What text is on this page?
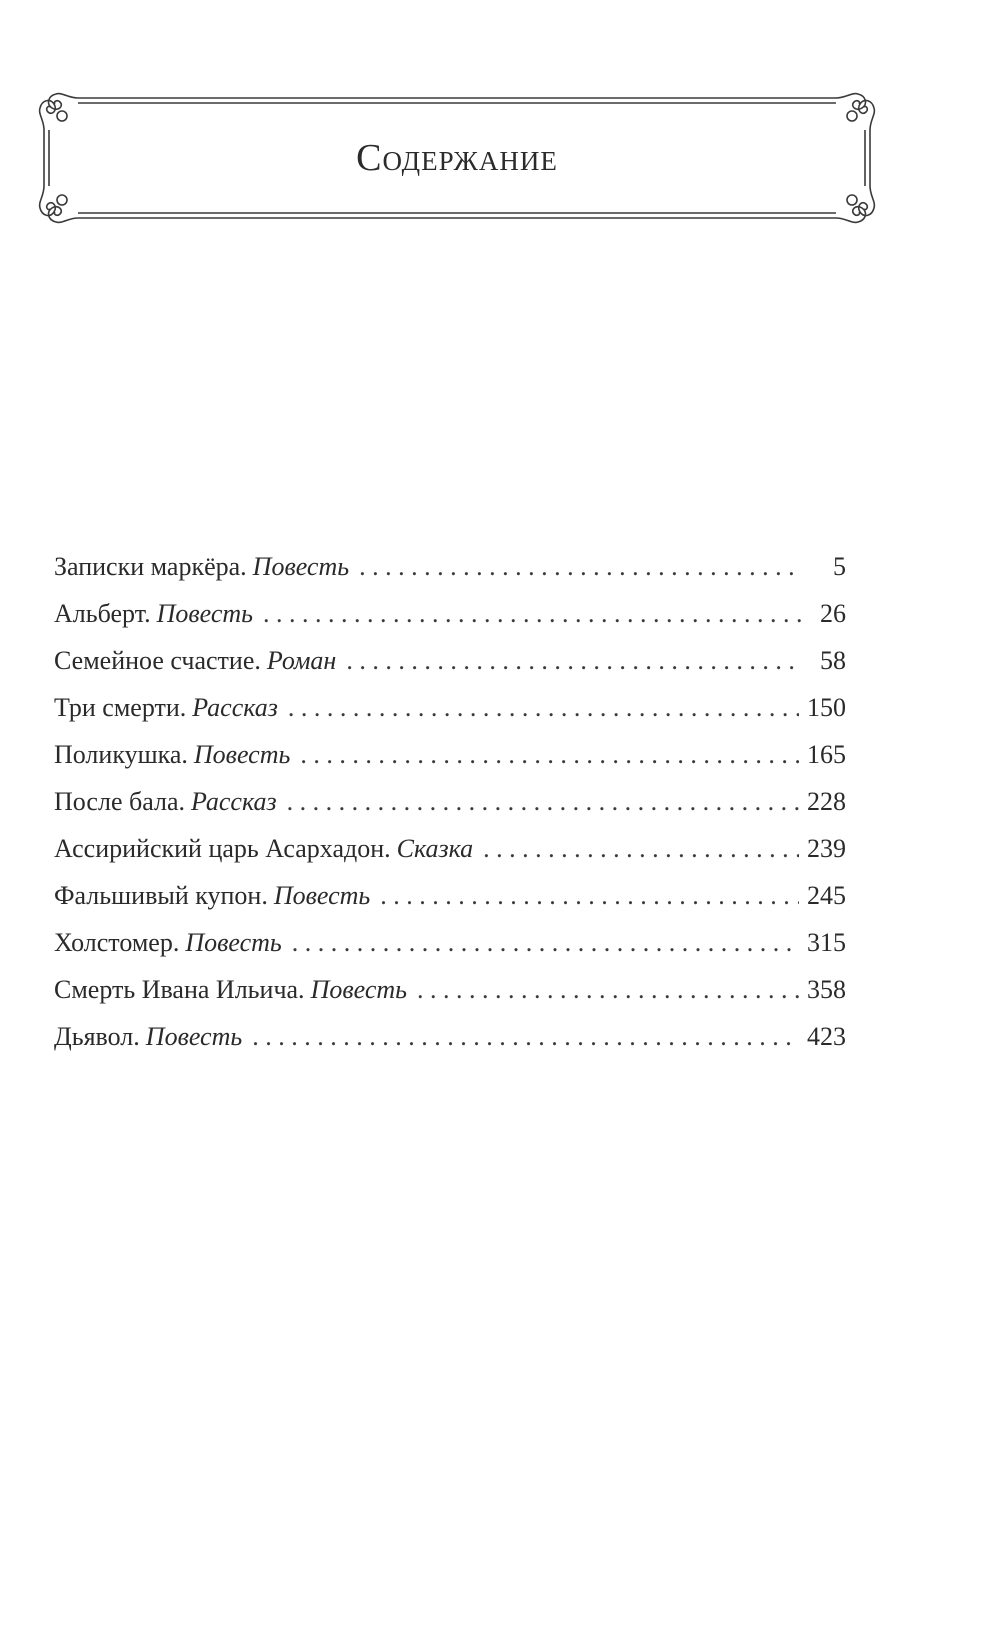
Содержание
Записки маркёра. Повесть . . .	5
Альберт. Повесть . . .	26
Семейное счастие. Роман . . .	58
Три смерти. Рассказ . . .	150
Поликушка. Повесть . . .	165
После бала. Рассказ . . .	228
Ассирийский царь Асархадон. Сказка . . .	239
Фальшивый купон. Повесть . . .	245
Холстомер. Повесть . . .	315
Смерть Ивана Ильича. Повесть . . .	358
Дьявол. Повесть . . .	423
